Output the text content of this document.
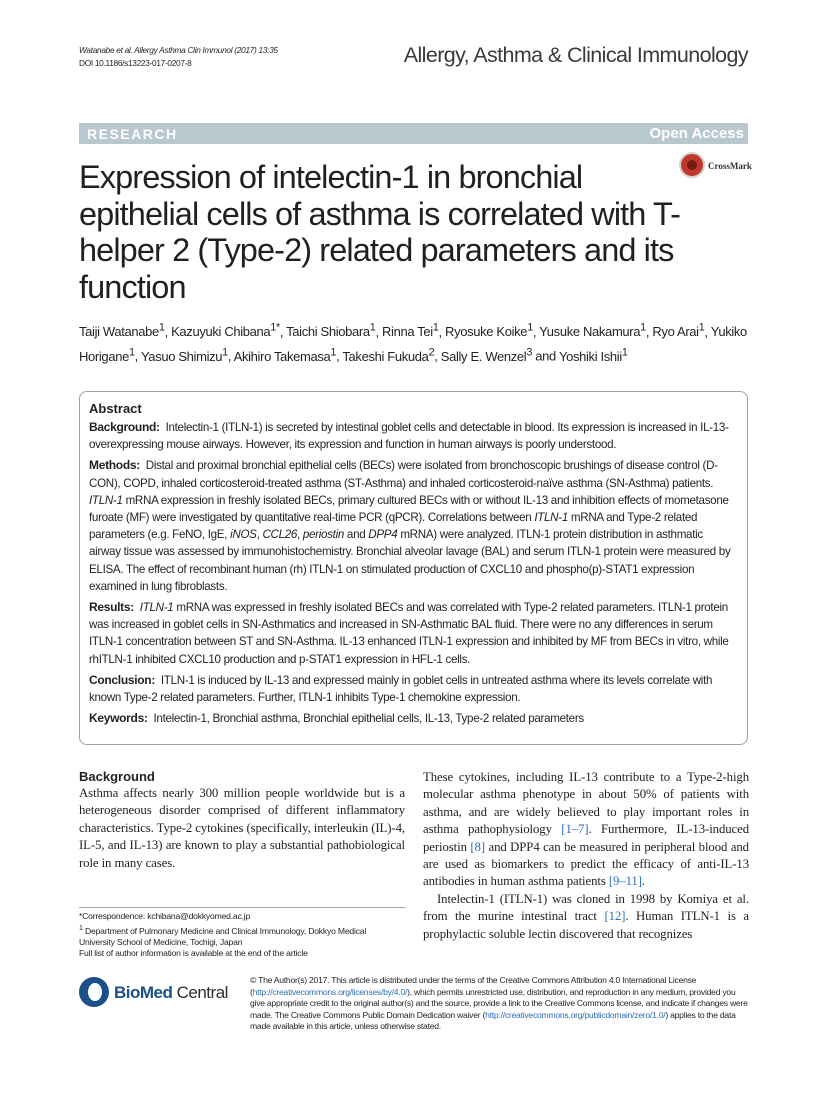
Watanabe et al. Allergy Asthma Clin Immunol (2017) 13:35
DOI 10.1186/s13223-017-0207-8	Allergy, Asthma & Clinical Immunology
RESEARCH	Open Access
CrossMark
Expression of intelectin-1 in bronchial epithelial cells of asthma is correlated with T-helper 2 (Type-2) related parameters and its function
Taiji Watanabe$^1$, Kazuyuki Chibana$^{1*}$, Taichi Shiobara$^1$, Rinna Tei$^1$, Ryosuke Koike$^1$, Yusuke Nakamura$^1$, Ryo Arai$^1$, Yukiko Horigane$^1$, Yasuo Shimizu$^1$, Akihiro Takemasa$^1$, Takeshi Fukuda$^2$, Sally E. Wenzel$^3$ and Yoshiki Ishii$^1$
Abstract
Background: Intelectin-1 (ITLN-1) is secreted by intestinal goblet cells and detectable in blood. Its expression is increased in IL-13-overexpressing mouse airways. However, its expression and function in human airways is poorly understood.
Methods: Distal and proximal bronchial epithelial cells (BECs) were isolated from bronchoscopic brushings of disease control (D-CON), COPD, inhaled corticosteroid-treated asthma (ST-Asthma) and inhaled corticosteroid-naïve asthma (SN-Asthma) patients. ITLN-1 mRNA expression in freshly isolated BECs, primary cultured BECs with or without IL-13 and inhibition effects of mometasone furoate (MF) were investigated by quantitative real-time PCR (qPCR). Correlations between ITLN-1 mRNA and Type-2 related parameters (e.g. FeNO, IgE, iNOS, CCL26, periostin and DPP4 mRNA) were analyzed. ITLN-1 protein distribution in asthmatic airway tissue was assessed by immunohistochemistry. Bronchial alveolar lavage (BAL) and serum ITLN-1 protein were measured by ELISA. The effect of recombinant human (rh) ITLN-1 on stimulated production of CXCL10 and phospho(p)-STAT1 expression examined in lung fibroblasts.
Results: ITLN-1 mRNA was expressed in freshly isolated BECs and was correlated with Type-2 related parameters. ITLN-1 protein was increased in goblet cells in SN-Asthmatics and increased in SN-Asthmatic BAL fluid. There were no any differences in serum ITLN-1 concentration between ST and SN-Asthma. IL-13 enhanced ITLN-1 expression and inhibited by MF from BECs in vitro, while rhITLN-1 inhibited CXCL10 production and p-STAT1 expression in HFL-1 cells.
Conclusion: ITLN-1 is induced by IL-13 and expressed mainly in goblet cells in untreated asthma where its levels correlate with known Type-2 related parameters. Further, ITLN-1 inhibits Type-1 chemokine expression.
Keywords: Intelectin-1, Bronchial asthma, Bronchial epithelial cells, IL-13, Type-2 related parameters
Background
Asthma affects nearly 300 million people worldwide but is a heterogeneous disorder comprised of different inflammatory characteristics. Type-2 cytokines (specifically, interleukin (IL)-4, IL-5, and IL-13) are known to play a substantial pathobiological role in many cases.
These cytokines, including IL-13 contribute to a Type-2-high molecular asthma phenotype in about 50% of patients with asthma, and are widely believed to play important roles in asthma pathophysiology [1–7]. Furthermore, IL-13-induced periostin [8] and DPP4 can be measured in peripheral blood and are used as biomarkers to predict the efficacy of anti-IL-13 antibodies in human asthma patients [9–11].
Intelectin-1 (ITLN-1) was cloned in 1998 by Komiya et al. from the murine intestinal tract [12]. Human ITLN-1 is a prophylactic soluble lectin discovered that recognizes
*Correspondence: kchibana@dokkyomed.ac.jp
$^1$ Department of Pulmonary Medicine and Clinical Immunology, Dokkyo Medical University School of Medicine, Tochigi, Japan
Full list of author information is available at the end of the article
BioMed Central
© The Author(s) 2017. This article is distributed under the terms of the Creative Commons Attribution 4.0 International License (http://creativecommons.org/licenses/by/4.0/), which permits unrestricted use, distribution, and reproduction in any medium, provided you give appropriate credit to the original author(s) and the source, provide a link to the Creative Commons license, and indicate if changes were made. The Creative Commons Public Domain Dedication waiver (http://creativecommons.org/publicdomain/zero/1.0/) applies to the data made available in this article, unless otherwise stated.
